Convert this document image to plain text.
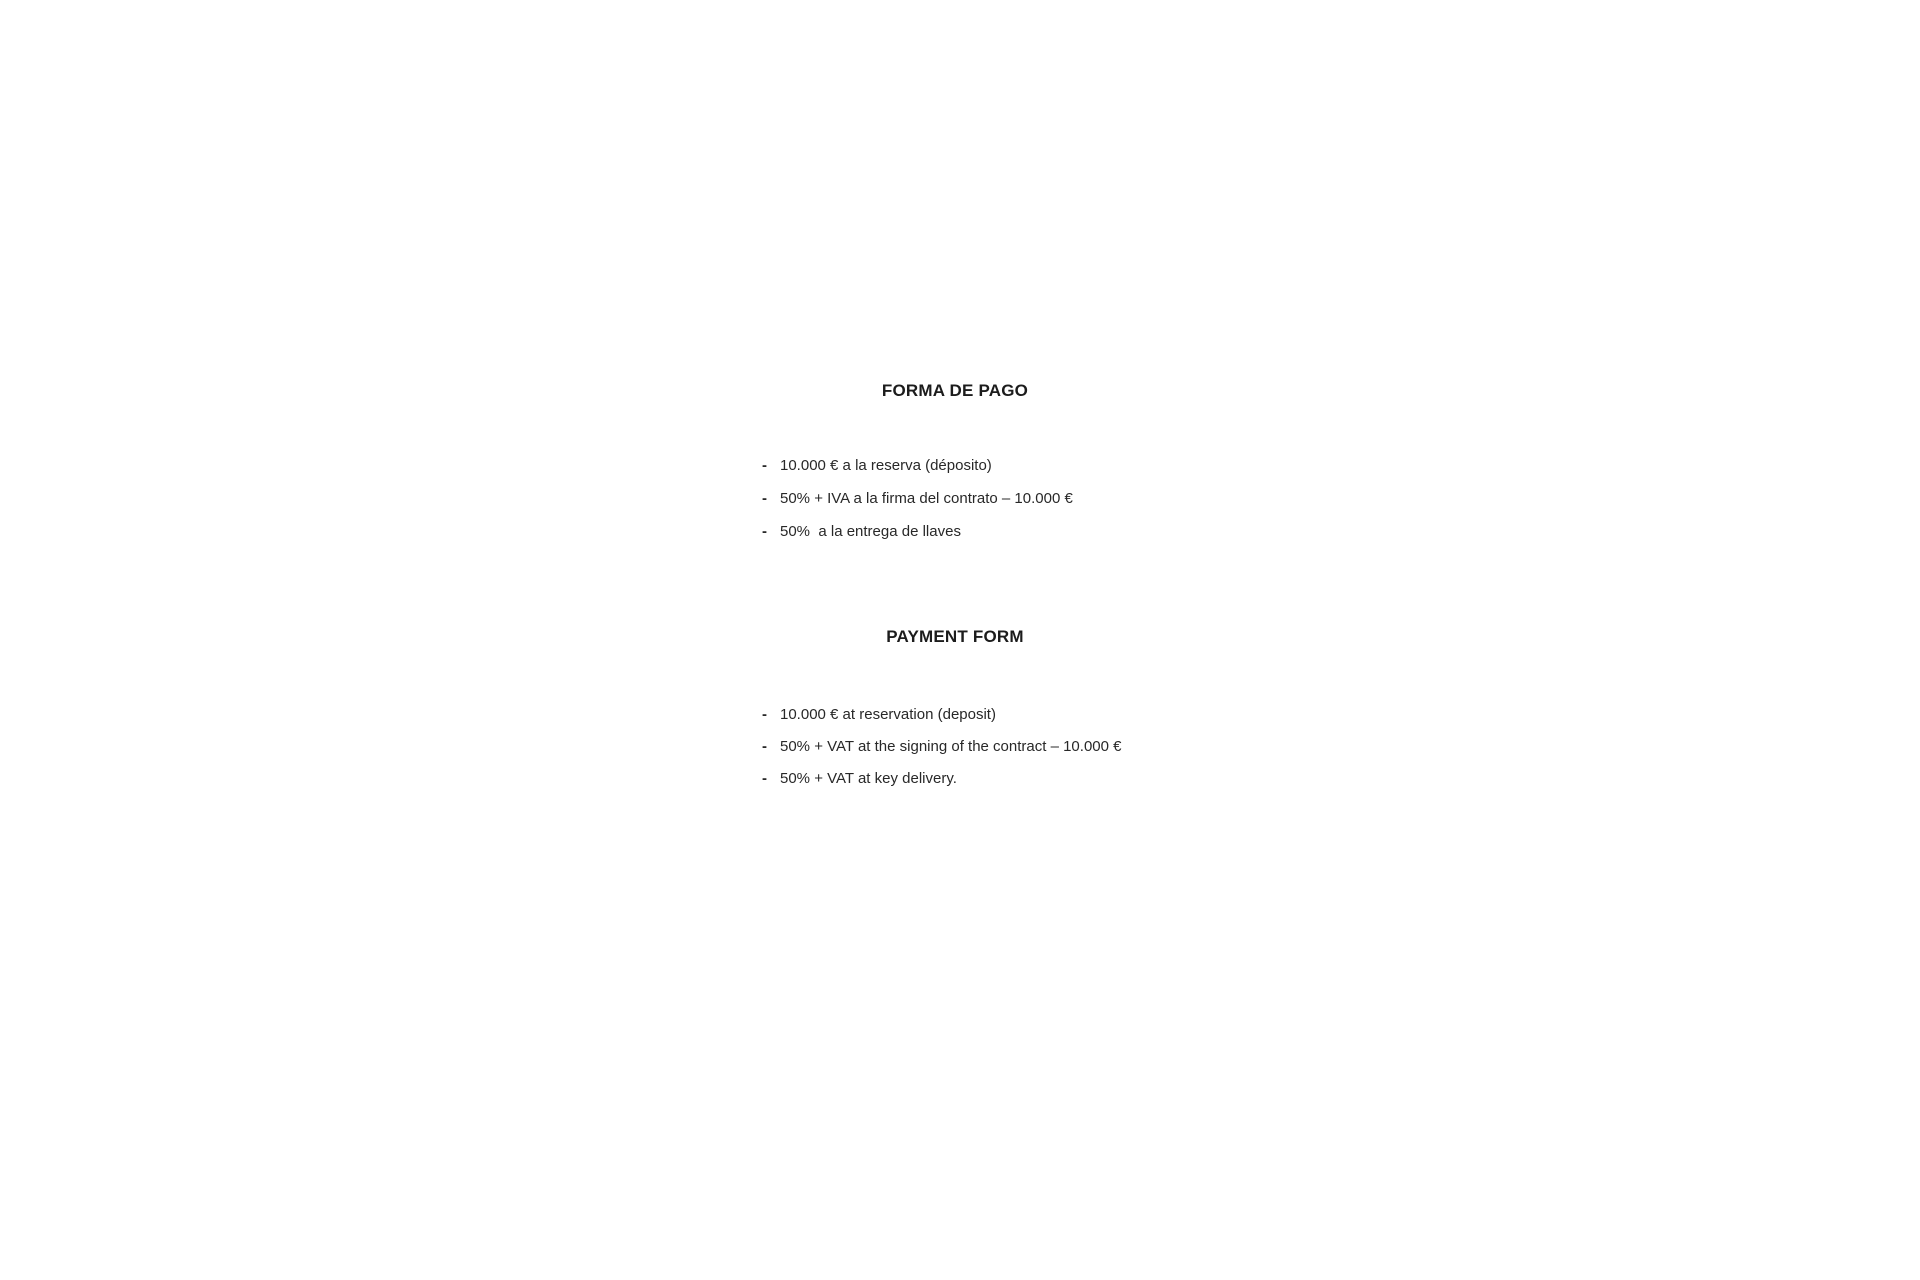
FORMA DE PAGO
- 10.000 € a la reserva (déposito)
- 50% + IVA a la firma del contrato – 10.000 €
- 50%  a la entrega de llaves
PAYMENT FORM
- 10.000 € at reservation (deposit)
- 50% + VAT at the signing of the contract – 10.000 €
- 50% + VAT at key delivery.
